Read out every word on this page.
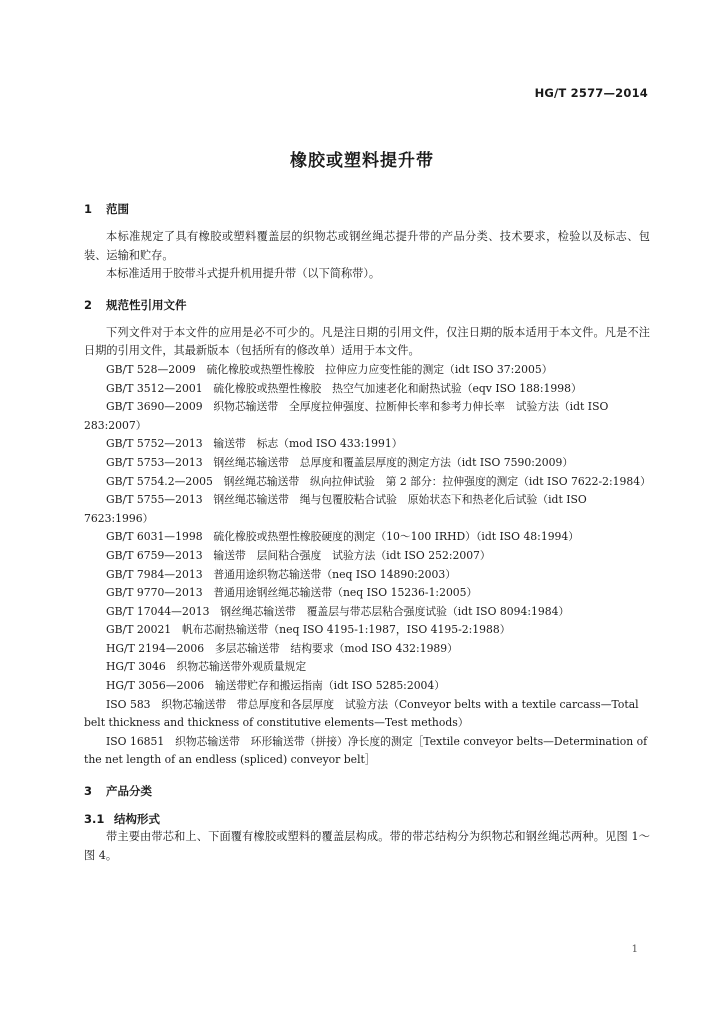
HG/T 2577—2014
橡胶或塑料提升带
1 范围

本标准规定了具有橡胶或塑料覆盖层的织物芯或钢丝绳芯提升带的产品分类、技术要求，检验以及标志、包装、运输和贮存。

本标准适用于胶带斗式提升机用提升带（以下简称带）。

2 规范性引用文件

下列文件对于本文件的应用是必不可少的。凡是注日期的引用文件，仅注日期的版本适用于本文件。凡是不注日期的引用文件，其最新版本（包括所有的修改单）适用于本文件。

GB/T 528—2009　硫化橡胶或热塑性橡胶　拉伸应力应变性能的测定（idt ISO 37:2005）

GB/T 3512—2001　硫化橡胶或热塑性橡胶　热空气加速老化和耐热试验（eqv ISO 188:1998）

GB/T 3690—2009　织物芯输送带　全厚度拉伸强度、拉断伸长率和参考力伸长率　试验方法（idt ISO 283:2007）

GB/T 5752—2013　输送带　标志（mod ISO 433:1991）

GB/T 5753—2013　钢丝绳芯输送带　总厚度和覆盖层厚度的测定方法（idt ISO 7590:2009）

GB/T 5754.2—2005　钢丝绳芯输送带　纵向拉伸试验　第 2 部分：拉伸强度的测定（idt ISO 7622-2:1984）

GB/T 5755—2013　钢丝绳芯输送带　绳与包覆胶粘合试验　原始状态下和热老化后试验（idt ISO 7623:1996）

GB/T 6031—1998　硫化橡胶或热塑性橡胶硬度的测定（10～100 IRHD）（idt ISO 48:1994）

GB/T 6759—2013　输送带　层间粘合强度　试验方法（idt ISO 252:2007）

GB/T 7984—2013　普通用途织物芯输送带（neq ISO 14890:2003）

GB/T 9770—2013　普通用途钢丝绳芯输送带（neq ISO 15236-1:2005）

GB/T 17044—2013　钢丝绳芯输送带　覆盖层与带芯层粘合强度试验（idt ISO 8094:1984）

GB/T 20021　帆布芯耐热输送带（neq ISO 4195-1:1987，ISO 4195-2:1988）

HG/T 2194—2006　多层芯输送带　结构要求（mod ISO 432:1989）

HG/T 3046　织物芯输送带外观质量规定

HG/T 3056—2006　输送带贮存和搬运指南（idt ISO 5285:2004）

ISO 583　织物芯输送带　带总厚度和各层厚度　试验方法（Conveyor belts with a textile carcass—Total belt thickness and thickness of constitutive elements—Test methods）

ISO 16851　织物芯输送带　环形输送带（拼接）净长度的测定［Textile conveyor belts—Determination of the net length of an endless (spliced) conveyor belt］

3 产品分类
3.1 结构形式

带主要由带芯和上、下面覆有橡胶或塑料的覆盖层构成。带的带芯结构分为织物芯和钢丝绳芯两种。见图 1～图 4。

1
